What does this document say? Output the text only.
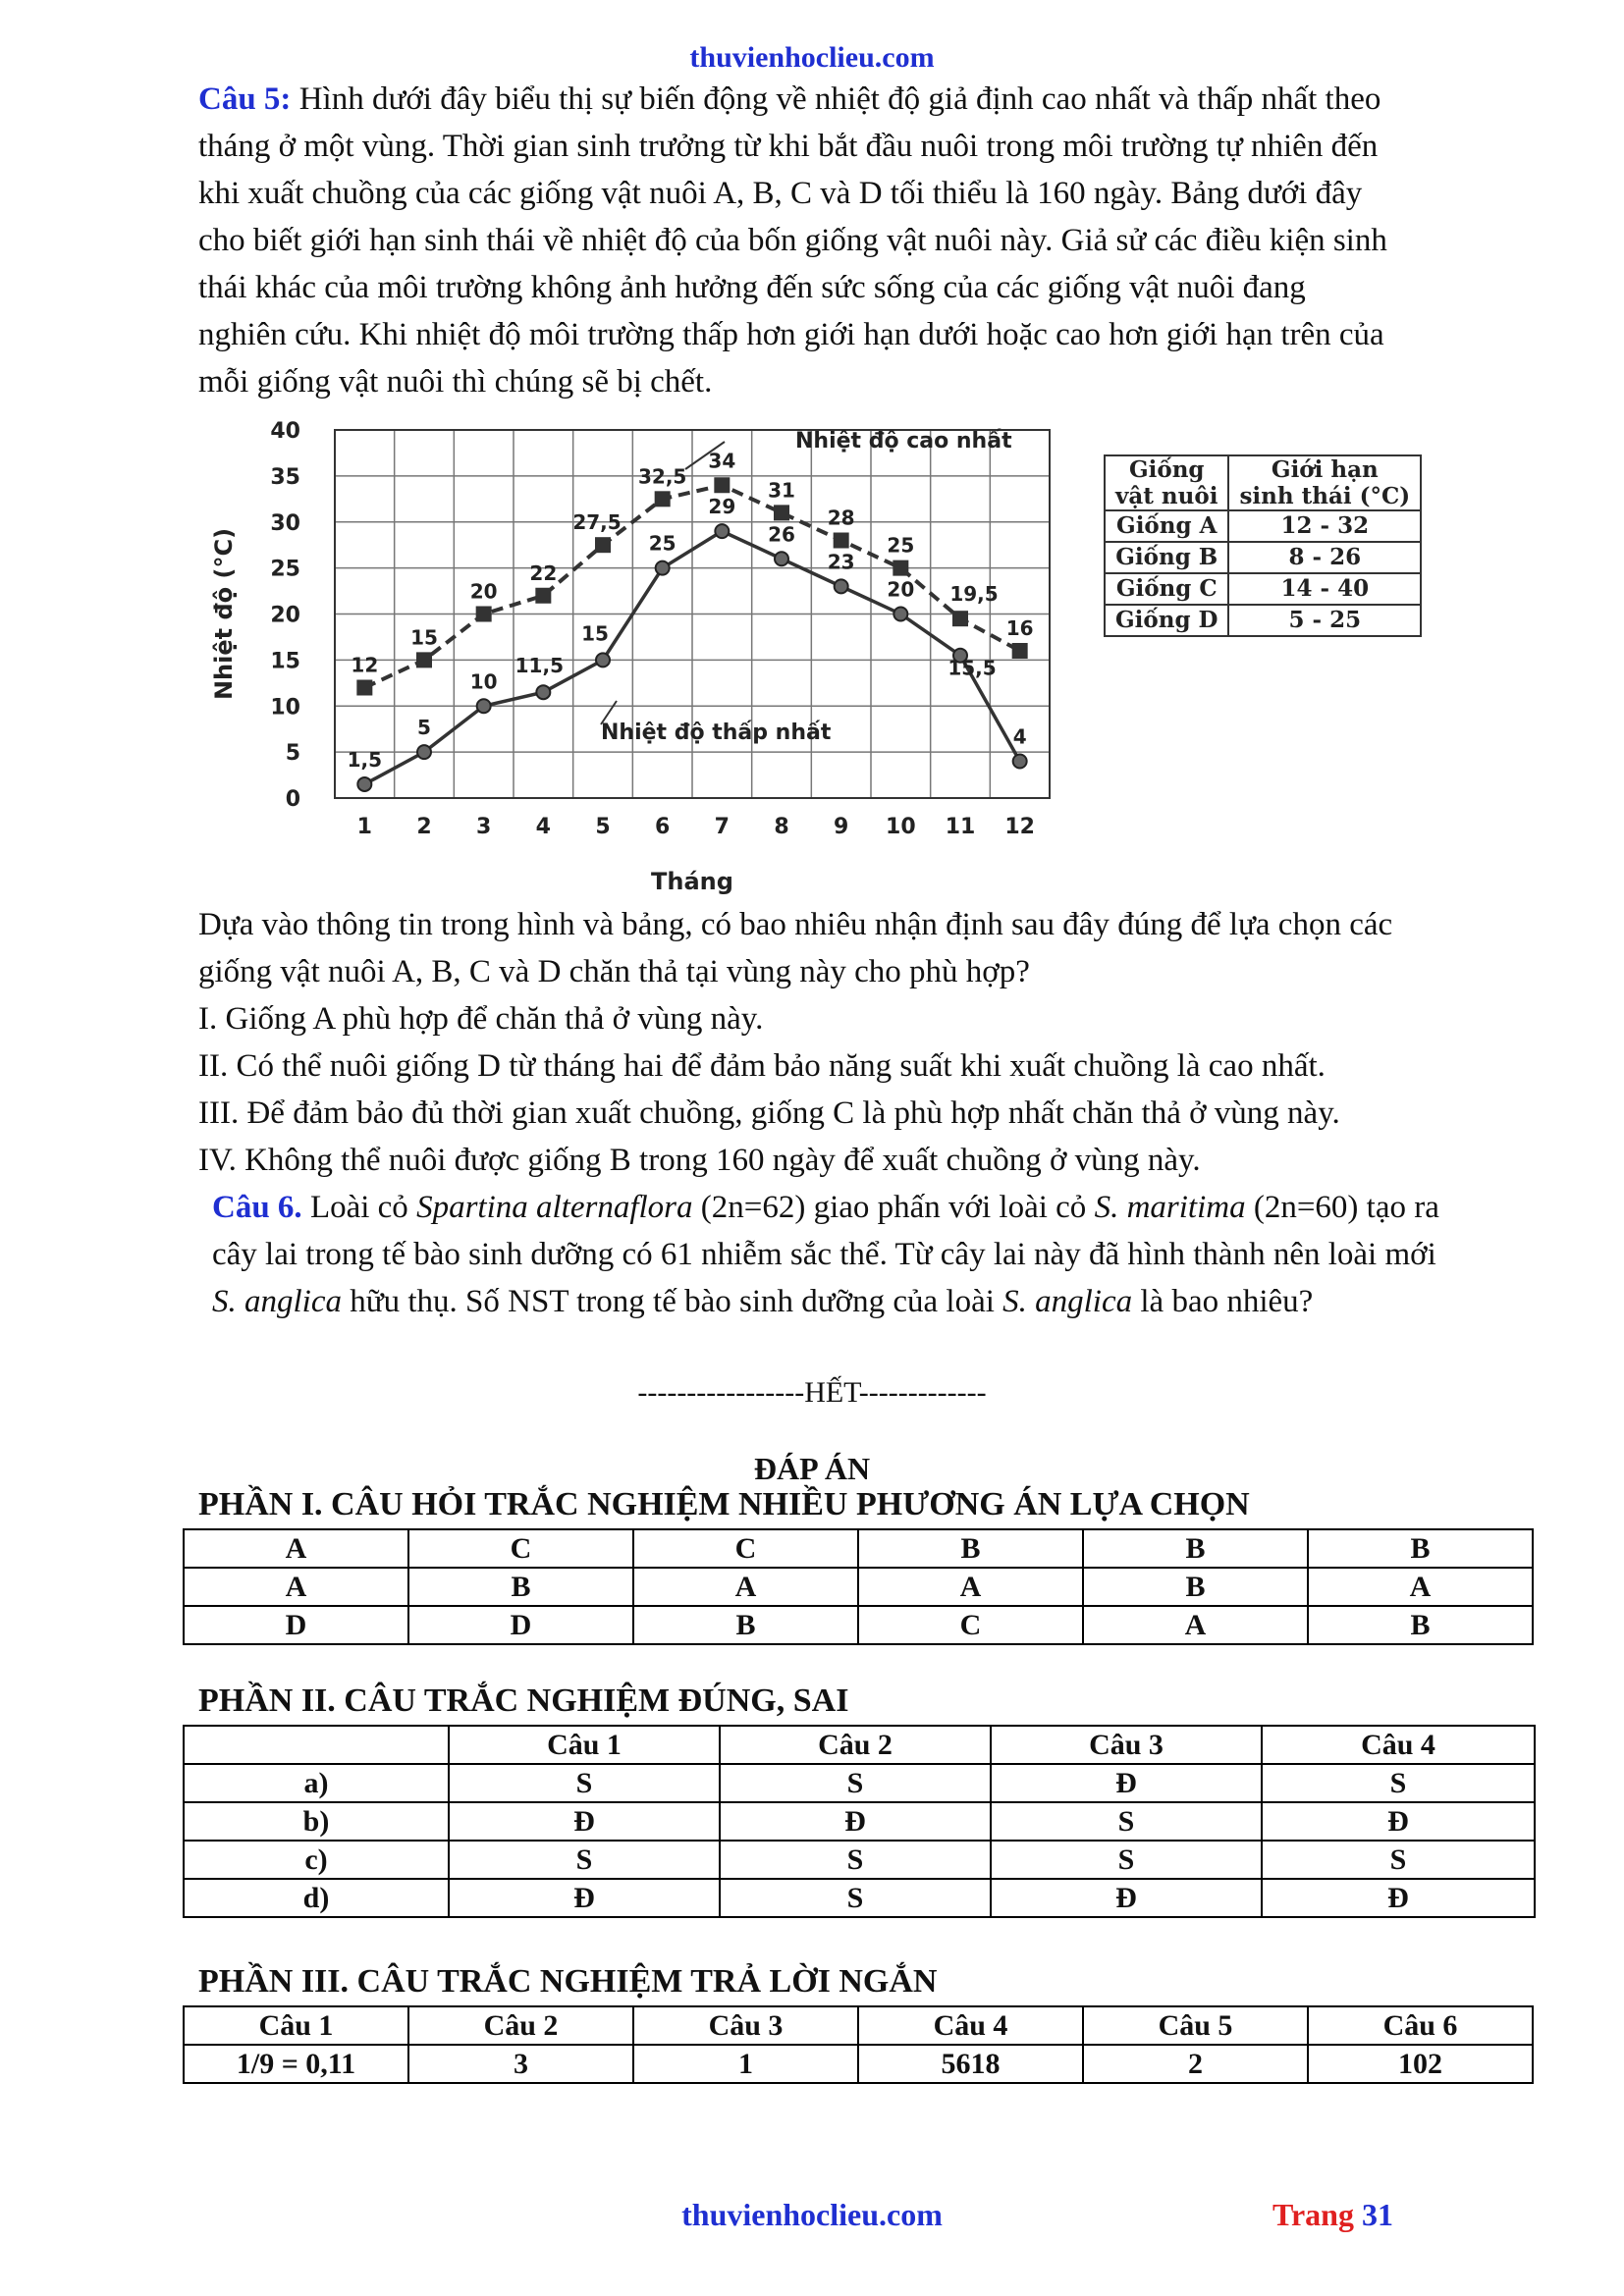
thuvienhoclieu.com
Câu 5: Hình dưới đây biểu thị sự biến động về nhiệt độ giả định cao nhất và thấp nhất theo
tháng ở một vùng. Thời gian sinh trưởng từ khi bắt đầu nuôi trong môi trường tự nhiên đến
khi xuất chuồng của các giống vật nuôi A, B, C và D tối thiểu là 160 ngày. Bảng dưới đây
cho biết giới hạn sinh thái về nhiệt độ của bốn giống vật nuôi này. Giả sử các điều kiện sinh
thái khác của môi trường không ảnh hưởng đến sức sống của các giống vật nuôi đang
nghiên cứu. Khi nhiệt độ môi trường thấp hơn giới hạn dưới hoặc cao hơn giới hạn trên của
mỗi giống vật nuôi thì chúng sẽ bị chết.
0
5
10
15
20
25
30
35
40
1 2 3 4 5 6 7 8 9 10 11 12
Tháng
Nhiệt độ (°C)	12
15
20
22
27,5
32,5
34
31
28
25
19,5
16
1,5
5
10
11,5
15
25
29
26
23
20
15,5
4
Nhiệt độ cao nhất
Nhiệt độ thấp nhất
Giống
vật nuôi	Giới hạn
sinh thái (°C)
Giống A	12 - 32
Giống B	8 - 26
Giống C	14 - 40
Giống D	5 - 25
Dựa vào thông tin trong hình và bảng, có bao nhiêu nhận định sau đây đúng để lựa chọn các
giống vật nuôi A, B, C và D chăn thả tại vùng này cho phù hợp?
I. Giống A phù hợp để chăn thả ở vùng này.
II. Có thể nuôi giống D từ tháng hai để đảm bảo năng suất khi xuất chuồng là cao nhất.
III. Để đảm bảo đủ thời gian xuất chuồng, giống C là phù hợp nhất chăn thả ở vùng này.
IV. Không thể nuôi được giống B trong 160 ngày để xuất chuồng ở vùng này.
Câu 6. Loài cỏ Spartina alternaflora (2n=62) giao phấn với loài cỏ S. maritima (2n=60) tạo ra
cây lai trong tế bào sinh dưỡng có 61 nhiễm sắc thể. Từ cây lai này đã hình thành nên loài mới
S. anglica hữu thụ. Số NST trong tế bào sinh dưỡng của loài S. anglica là bao nhiêu?
-----------------HẾT-------------
ĐÁP ÁN
PHẦN I. CÂU HỎI TRẮC NGHIỆM NHIỀU PHƯƠNG ÁN LỰA CHỌN
A	C	C	B	B	B
A	B	A	A	B	A
D	D	B	C	A	B
PHẦN II. CÂU TRẮC NGHIỆM ĐÚNG, SAI
	Câu 1	Câu 2	Câu 3	Câu 4
a)	S	S	Đ	S
b)	Đ	Đ	S	Đ
c)	S	S	S	S
d)	Đ	S	Đ	Đ
PHẦN III. CÂU TRẮC NGHIỆM TRẢ LỜI NGẮN
Câu 1	Câu 2	Câu 3	Câu 4	Câu 5	Câu 6
1/9 = 0,11	3	1	5618	2	102
thuvienhoclieu.com	Trang 31
